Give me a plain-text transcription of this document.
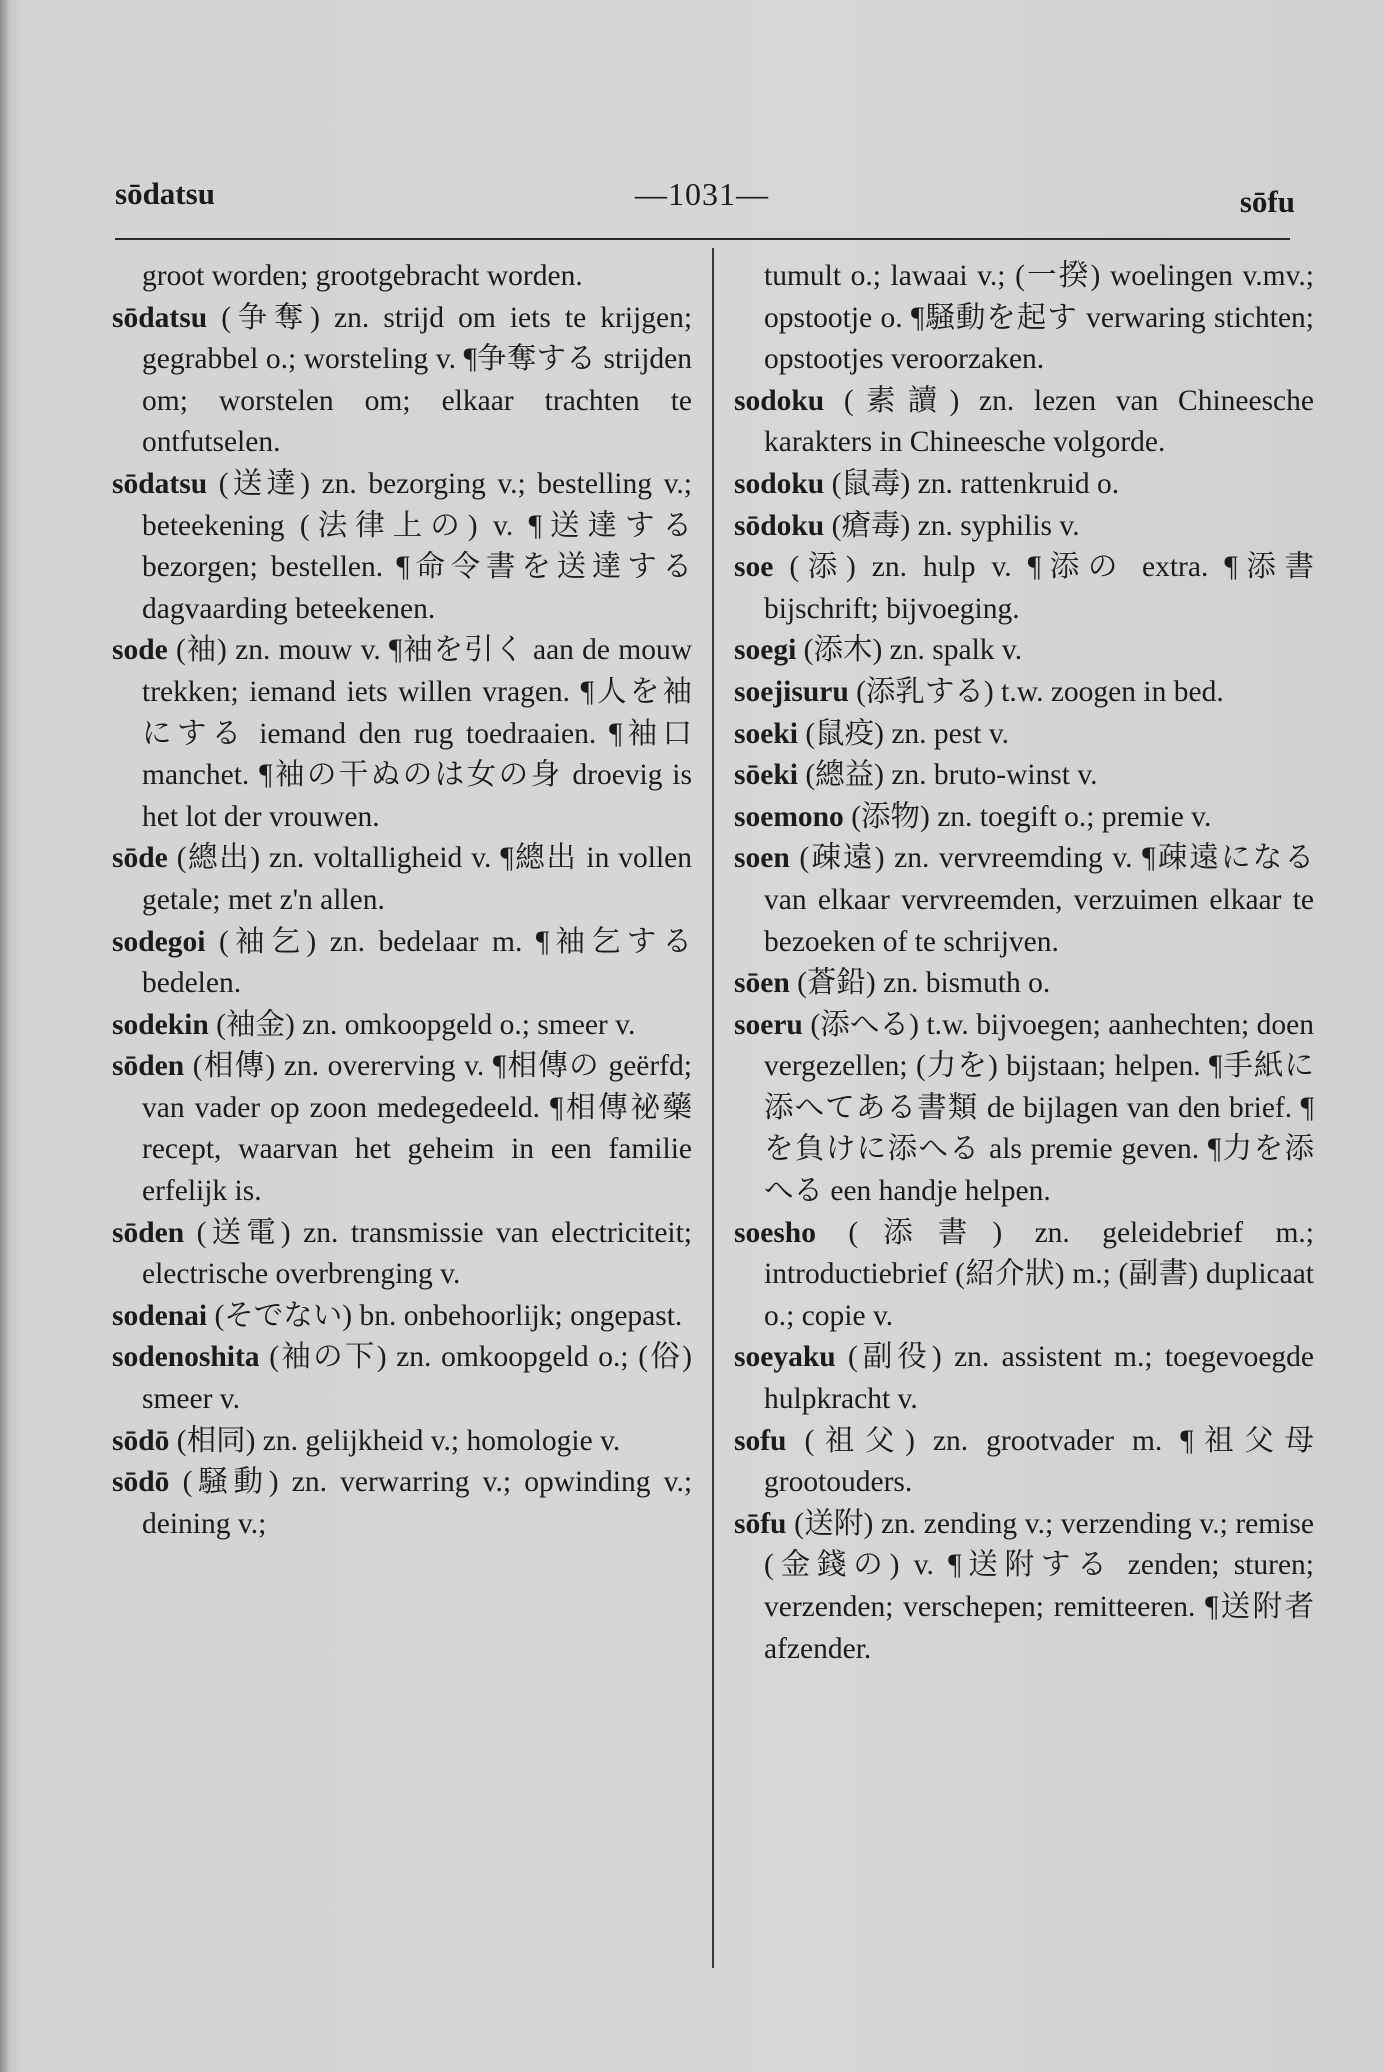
sōdatsu	—1031—	sōfu

groot worden; grootgebracht worden.

sōdatsu (争奪) zn. strijd om iets te krijgen; gegrabbel o.; worsteling v. ¶争奪する strijden om; worstelen om; elkaar trachten te ontfutselen.

sōdatsu (送達) zn. bezorging v.; bestelling v.; beteekening (法律上の) v. ¶送達する bezorgen; bestellen. ¶命令書を送達する dagvaarding beteekenen.

sode (袖) zn. mouw v. ¶袖を引く aan de mouw trekken; iemand iets willen vragen. ¶人を袖にする iemand den rug toedraaien. ¶袖口 manchet. ¶袖の干ぬのは女の身 droevig is het lot der vrouwen.

sōde (總出) zn. voltalligheid v. ¶總出 in vollen getale; met z'n allen.

sodegoi (袖乞) zn. bedelaar m. ¶袖乞する bedelen.

sodekin (袖金) zn. omkoopgeld o.; smeer v.

sōden (相傳) zn. overerving v. ¶相傳の geërfd; van vader op zoon medegedeeld. ¶相傳祕藥 recept, waarvan het geheim in een familie erfelijk is.

sōden (送電) zn. transmissie van electriciteit; electrische overbrenging v.

sodenai (そでない) bn. onbehoorlijk; ongepast.

sodenoshita (袖の下) zn. omkoopgeld o.; (俗) smeer v.

sōdō (相同) zn. gelijkheid v.; homologie v.

sōdō (騒動) zn. verwarring v.; opwinding v.; deining v.;

tumult o.; lawaai v.; (一揆) woelingen v.mv.; opstootje o. ¶騒動を起す verwaring stichten; opstootjes veroorzaken.

sodoku (素讀) zn. lezen van Chineesche karakters in Chineesche volgorde.

sodoku (鼠毒) zn. rattenkruid o.

sōdoku (瘡毒) zn. syphilis v.

soe (添) zn. hulp v. ¶添の extra. ¶添書 bijschrift; bijvoeging.

soegi (添木) zn. spalk v.

soejisuru (添乳する) t.w. zoogen in bed.

soeki (鼠疫) zn. pest v.

sōeki (總益) zn. bruto-winst v.

soemono (添物) zn. toegift o.; premie v.

soen (疎遠) zn. vervreemding v. ¶疎遠になる van elkaar vervreemden, verzuimen elkaar te bezoeken of te schrijven.

sōen (蒼鉛) zn. bismuth o.

soeru (添へる) t.w. bijvoegen; aanhechten; doen vergezellen; (力を) bijstaan; helpen. ¶手紙に添へてある書類 de bijlagen van den brief. ¶を負けに添へる als premie geven. ¶力を添へる een handje helpen.

soesho (添書) zn. geleidebrief m.; introductiebrief (紹介狀) m.; (副書) duplicaat o.; copie v.

soeyaku (副役) zn. assistent m.; toegevoegde hulpkracht v.

sofu (祖父) zn. grootvader m. ¶祖父母 grootouders.

sōfu (送附) zn. zending v.; verzending v.; remise (金錢の) v. ¶送附する zenden; sturen; verzenden; verschepen; remitteeren. ¶送附者 afzender.
